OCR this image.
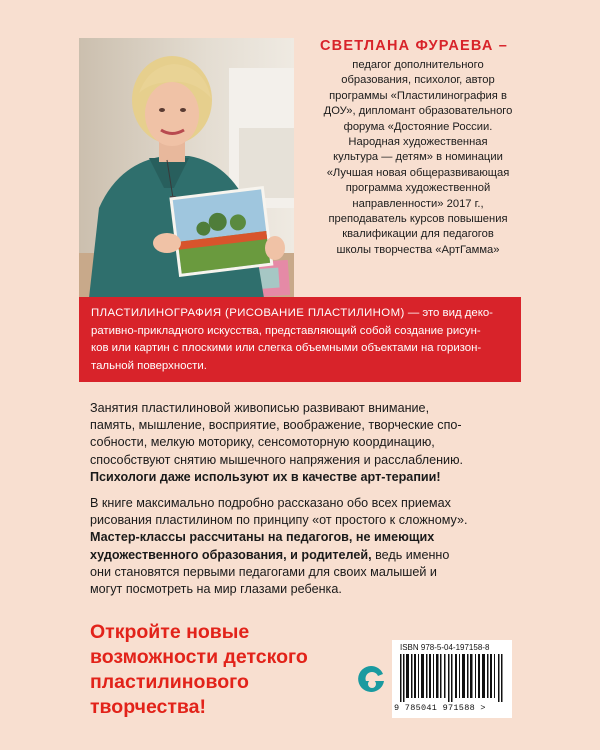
СВЕТЛАНА ФУРАЕВА –
педагог дополнительного
образования, психолог, автор
программы «Пластилинография в
ДОУ», дипломант образовательного
форума «Достояние России.
Народная художественная
культура — детям» в номинации
«Лучшая новая общеразвивающая
программа художественной
направленности» 2017 г.,
преподаватель курсов повышения
квалификации для педагогов
школы творчества «АртГамма»
ПЛАСТИЛИНОГРАФИЯ (РИСОВАНИЕ ПЛАСТИЛИНОМ) — это вид деко-
ративно-прикладного искусства, представляющий собой создание рисун-
ков или картин с плоскими или слегка объемными объектами на горизон-
тальной поверхности.

Занятия пластилиновой живописью развивают внимание,
память, мышление, восприятие, воображение, творческие спо-
собности, мелкую моторику, сенсомоторную координацию,
способствуют снятию мышечного напряжения и расслаблению.
Психологи даже используют их в качестве арт-терапии!

В книге максимально подробно рассказано обо всех приемах
рисования пластилином по принципу «от простого к сложному».
Мастер-классы рассчитаны на педагогов, не имеющих
художественного образования, и родителей, ведь именно
они становятся первыми педагогами для своих малышей и
могут посмотреть на мир глазами ребенка.

Откройте новые
возможности детского
пластилинового
творчества!
ISBN 978-5-04-197158-8
9 785041 971588 >
